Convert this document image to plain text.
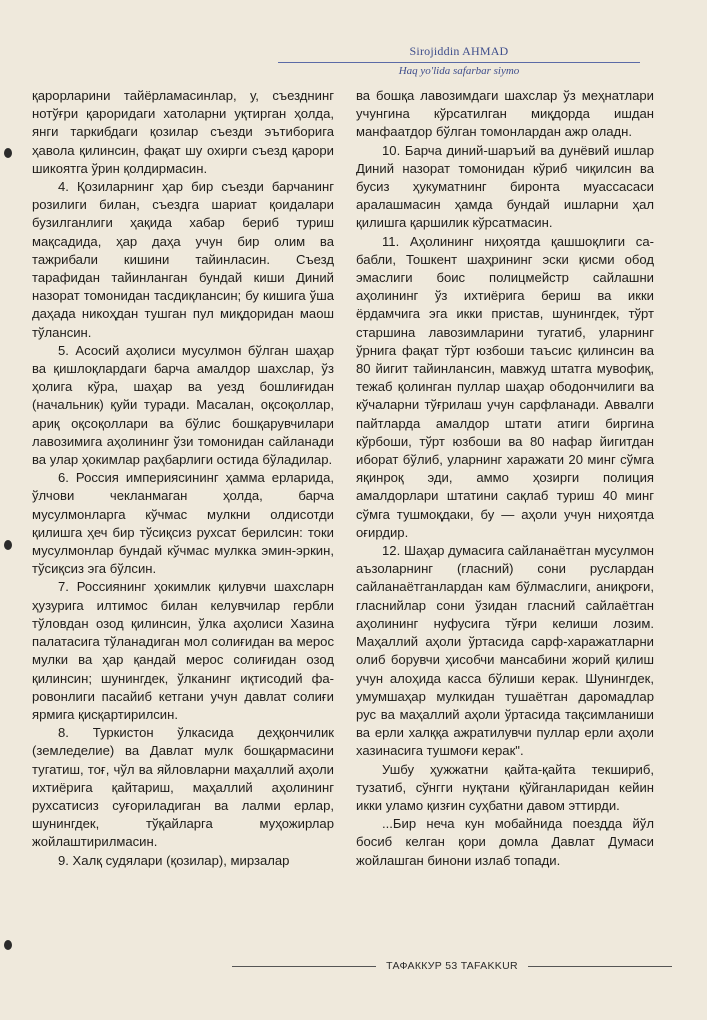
Sirojiddin AHMAD
Haq yo'lida safarbar siymo

қарорларини тайёрламасинлар, у, съезднинг нотўғри қароридаги хатоларни уқтирган ҳолда, янги таркибдаги қозилар съезди эътиборига ҳавола қилинсин, фақат шу охирги съезд қарори шикоятга ўрин қолдирмасин.

4. Қозиларнинг ҳар бир съезди барчанинг розилиги билан, съездга шариат қоидалари бузилганлиги ҳақида хабар бериб туриш мақсадида, ҳар даҳа учун бир олим ва тажрибали кишини тайинласин. Съезд тарафидан тайинланган бундай киши Диний назорат томонидан тасдиқлансин; бу кишига ўша даҳада никоҳдан тушган пул миқдоридан маош тўлансин.

5. Асосий аҳолиси мусулмон бўлган шаҳар ва қишлоқлардаги барча амалдор шахслар, ўз ҳолига кўра, шаҳар ва уезд бошлиғидан (начальник) қуйи туради. Масалан, оқсоқоллар, ариқ оқсоқоллари ва бўлис бошқарувчилари лавозимига аҳолининг ўзи томонидан сайланади ва улар ҳокимлар раҳбарлиги остида бўладилар.

6. Россия империясининг ҳамма ерларида, ўлчови чекланмаган ҳолда, барча мусулмонларга кўчмас мулкни олдисотди қилишга ҳеч бир тўсиқсиз рухсат берилсин: токи мусулмонлар бундай кўчмас мулкка эмин-эркин, тўсиқсиз эга бўлсин.

7. Россиянинг ҳокимлик қилувчи шахсларн ҳузурига илтимос билан келувчилар гербли тўловдан озод қилинсин, ўлка аҳолиси Хазина палатасига тўланадиган мол солиғидан ва мерос мулки ва ҳар қандай мерос солиғидан озод қилинсин; шунингдек, ўлканинг иқтисодий фаровонлиги пасайиб кетгани учун давлат солиғи ярмига қисқартирилсин.

8. Туркистон ўлкасида деҳқончилик (земледелие) ва Давлат мулк бошқармасини тугатиш, тоғ, чўл ва яйловларни маҳаллий аҳоли ихтиёрига қайтариш, маҳаллий аҳолининг рухсатисиз суғориладиган ва лалми ерлар, шунингдек, тўқайларга муҳожирлар жойлаштирилмасин.

9. Халқ судялари (қозилар), мирзалар

ва бошқа лавозимдаги шахслар ўз меҳнатлари учунгина кўрсатилган миқдорда ишдан манфаатдор бўлган томонлардан ажр оладн.

10. Барча диний-шаръий ва дунёвий ишлар Диний назорат томонидан кўриб чиқилсин ва бусиз ҳукуматнинг биронта муассасаси аралашмасин ҳамда бундай ишларни ҳал қилишга қаршилик кўрсатмасин.

11. Аҳолининг ниҳоятда қашшоқлиги сабабли, Тошкент шаҳрининг эски қисми обод эмаслиги боис полицмейстр сайлашни аҳолининг ўз ихтиёрига бериш ва икки ёрдамчига эга икки пристав, шунингдек, тўрт старшина лавозимларини тугатиб, уларнинг ўрнига фақат тўрт юзбоши таъсис қилинсин ва 80 йигит тайинлансин, мавжуд штатга мувофиқ, тежаб қолинган пуллар шаҳар ободончилиги ва кўчаларни тўғрилаш учун сарфланади. Аввалги пайтларда амалдор штати атиги биргина кўрбоши, тўрт юзбоши ва 80 нафар йигитдан иборат бўлиб, уларнинг харажати 20 минг сўмга яқинроқ эди, аммо ҳозирги полиция амалдорлари штатини сақлаб туриш 40 минг сўмга тушмоқдаки, бу — аҳоли учун ниҳоятда оғирдир.

12. Шаҳар думасига сайланаётган мусулмон аъзоларнинг (гласний) сони руслардан сайланаётганлардан кам бўлмаслиги, аниқроғи, гласнийлар сони ўзидан гласний сайлаётган аҳолининг нуфусига тўғри келиши лозим. Маҳаллий аҳоли ўртасида сарф-харажатларни олиб борувчи ҳисобчи мансабини жорий қилиш учун алоҳида касса бўлиши керак. Шунингдек, умумшаҳар мулкидан тушаётган даромадлар рус ва маҳаллий аҳоли ўртасида тақсимланиши ва ерли халққа ажратилувчи пуллар ерли аҳоли хазинасига тушмоғи керак".

Ушбу ҳужжатни қайта-қайта текшириб, тузатиб, сўнгги нуқтани қўйганларидан кейин икки уламо қизғин суҳбатни давом эттирди.

...Бир неча кун мобайнида поездда йўл босиб келган қори домла Давлат Думаси жойлашган бинони излаб топади.

ТАФАККУР 53 TAFAKKUR
